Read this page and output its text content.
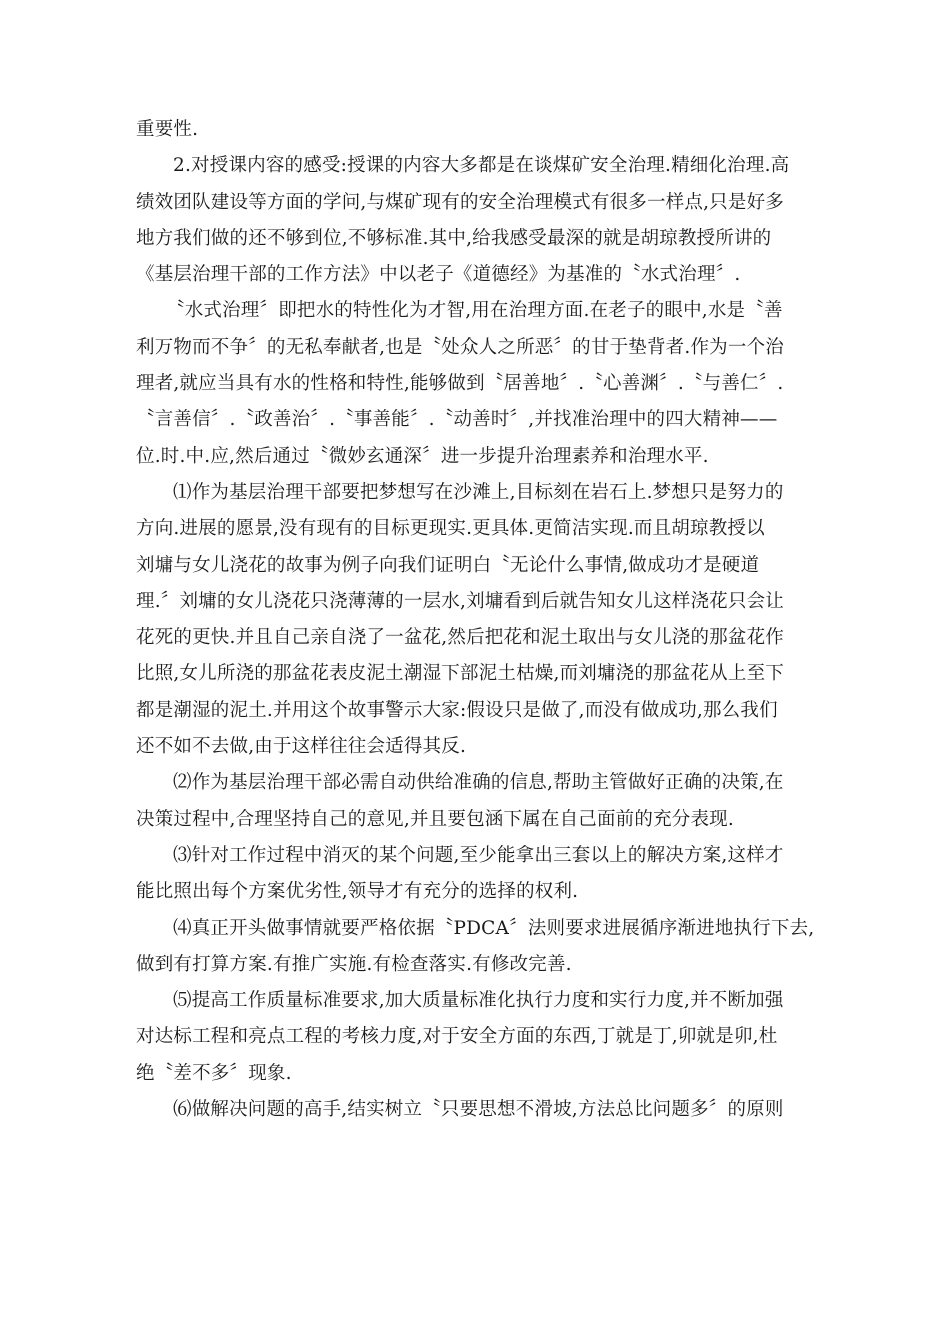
重要性.
2.对授课内容的感受:授课的内容大多都是在谈煤矿安全治理.精细化治理.高
绩效团队建设等方面的学问,与煤矿现有的安全治理模式有很多一样点,只是好多
地方我们做的还不够到位,不够标准.其中,给我感受最深的就是胡琼教授所讲的
《基层治理干部的工作方法》中以老子《道德经》为基准的〝水式治理〞.
〝水式治理〞即把水的特性化为才智,用在治理方面.在老子的眼中,水是〝善
利万物而不争〞的无私奉献者,也是〝处众人之所恶〞的甘于垫背者.作为一个治
理者,就应当具有水的性格和特性,能够做到〝居善地〞.〝心善渊〞.〝与善仁〞.
〝言善信〞.〝政善治〞.〝事善能〞.〝动善时〞,并找准治理中的四大精神——
位.时.中.应,然后通过〝微妙玄通深〞进一步提升治理素养和治理水平.
⑴作为基层治理干部要把梦想写在沙滩上,目标刻在岩石上.梦想只是努力的
方向.进展的愿景,没有现有的目标更现实.更具体.更简洁实现.而且胡琼教授以
刘墉与女儿浇花的故事为例子向我们证明白〝无论什么事情,做成功才是硬道
理.〞刘墉的女儿浇花只浇薄薄的一层水,刘墉看到后就告知女儿这样浇花只会让
花死的更快.并且自己亲自浇了一盆花,然后把花和泥土取出与女儿浇的那盆花作
比照,女儿所浇的那盆花表皮泥土潮湿下部泥土枯燥,而刘墉浇的那盆花从上至下
都是潮湿的泥土.并用这个故事警示大家:假设只是做了,而没有做成功,那么我们
还不如不去做,由于这样往往会适得其反.
⑵作为基层治理干部必需自动供给准确的信息,帮助主管做好正确的决策,在
决策过程中,合理坚持自己的意见,并且要包涵下属在自己面前的充分表现.
⑶针对工作过程中消灭的某个问题,至少能拿出三套以上的解决方案,这样才
能比照出每个方案优劣性,领导才有充分的选择的权利.
⑷真正开头做事情就要严格依据〝PDCA〞法则要求进展循序渐进地执行下去,
做到有打算方案.有推广实施.有检查落实.有修改完善.
⑸提高工作质量标准要求,加大质量标准化执行力度和实行力度,并不断加强
对达标工程和亮点工程的考核力度,对于安全方面的东西,丁就是丁,卯就是卯,杜
绝〝差不多〞现象.
⑹做解决问题的高手,结实树立〝只要思想不滑坡,方法总比问题多〞的原则
